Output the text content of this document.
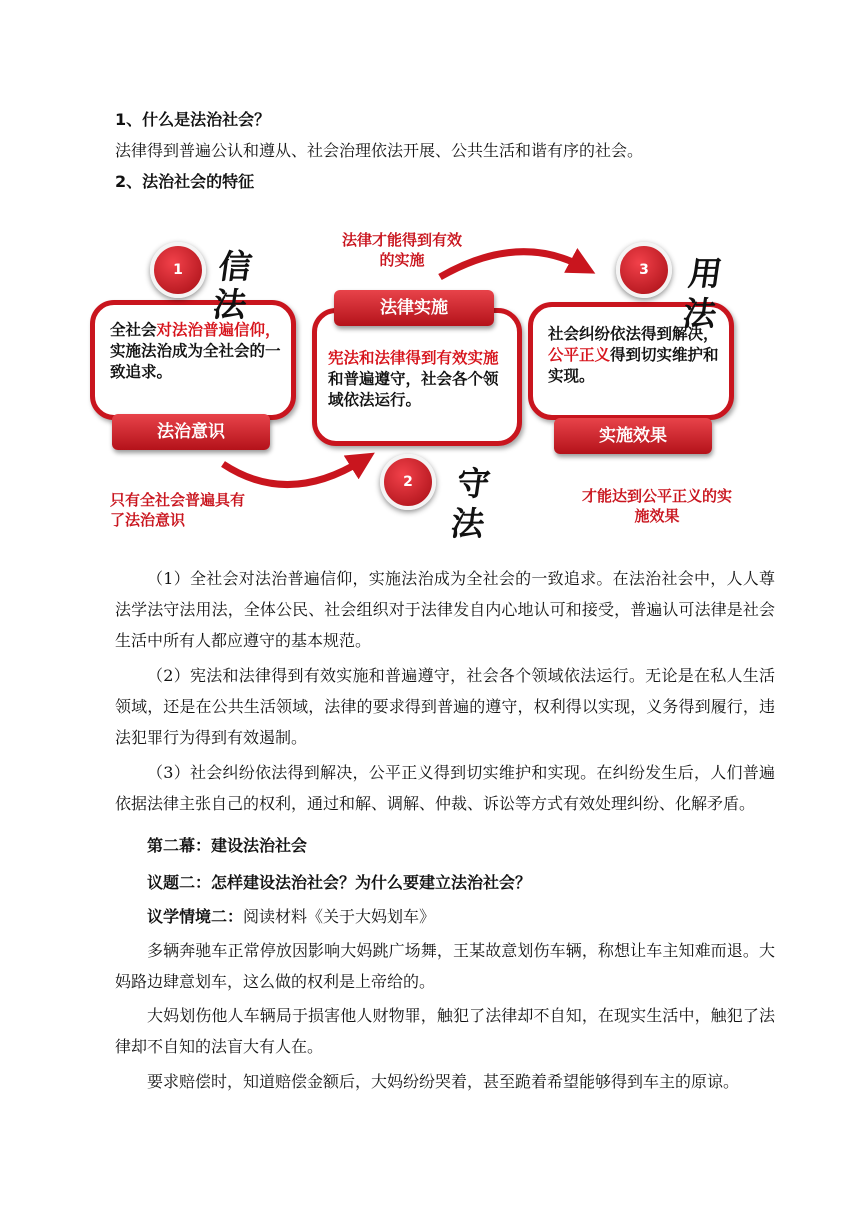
1、什么是法治社会？

法律得到普遍公认和遵从、社会治理依法开展、公共生活和谐有序的社会。

2、法治社会的特征

全社会对法治普遍信仰，实施法治成为全社会的一致追求。
法治意识
1	信法
只有全社会普遍具有了法治意识
宪法和法律得到有效实施和普遍遵守，社会各个领域依法运行。
法律实施
2	守法
法律才能得到有效的实施
社会纠纷依法得到解决，公平正义得到切实维护和实现。
实施效果
3	用法
才能达到公平正义的实施效果

（1）全社会对法治普遍信仰，实施法治成为全社会的一致追求。在法治社会中，人人尊法学法守法用法，全体公民、社会组织对于法律发自内心地认可和接受，普遍认可法律是社会生活中所有人都应遵守的基本规范。

（2）宪法和法律得到有效实施和普遍遵守，社会各个领域依法运行。无论是在私人生活领域，还是在公共生活领域，法律的要求得到普遍的遵守，权利得以实现，义务得到履行，违法犯罪行为得到有效遏制。

（3）社会纠纷依法得到解决，公平正义得到切实维护和实现。在纠纷发生后，人们普遍依据法律主张自己的权利，通过和解、调解、仲裁、诉讼等方式有效处理纠纷、化解矛盾。

第二幕：建设法治社会

议题二：怎样建设法治社会？为什么要建立法治社会？

议学情境二：阅读材料《关于大妈划车》

多辆奔驰车正常停放因影响大妈跳广场舞，王某故意划伤车辆，称想让车主知难而退。大妈路边肆意划车，这么做的权利是上帝给的。

大妈划伤他人车辆局于损害他人财物罪，触犯了法律却不自知，在现实生活中，触犯了法律却不自知的法盲大有人在。

要求赔偿时，知道赔偿金额后，大妈纷纷哭着，甚至跪着希望能够得到车主的原谅。
